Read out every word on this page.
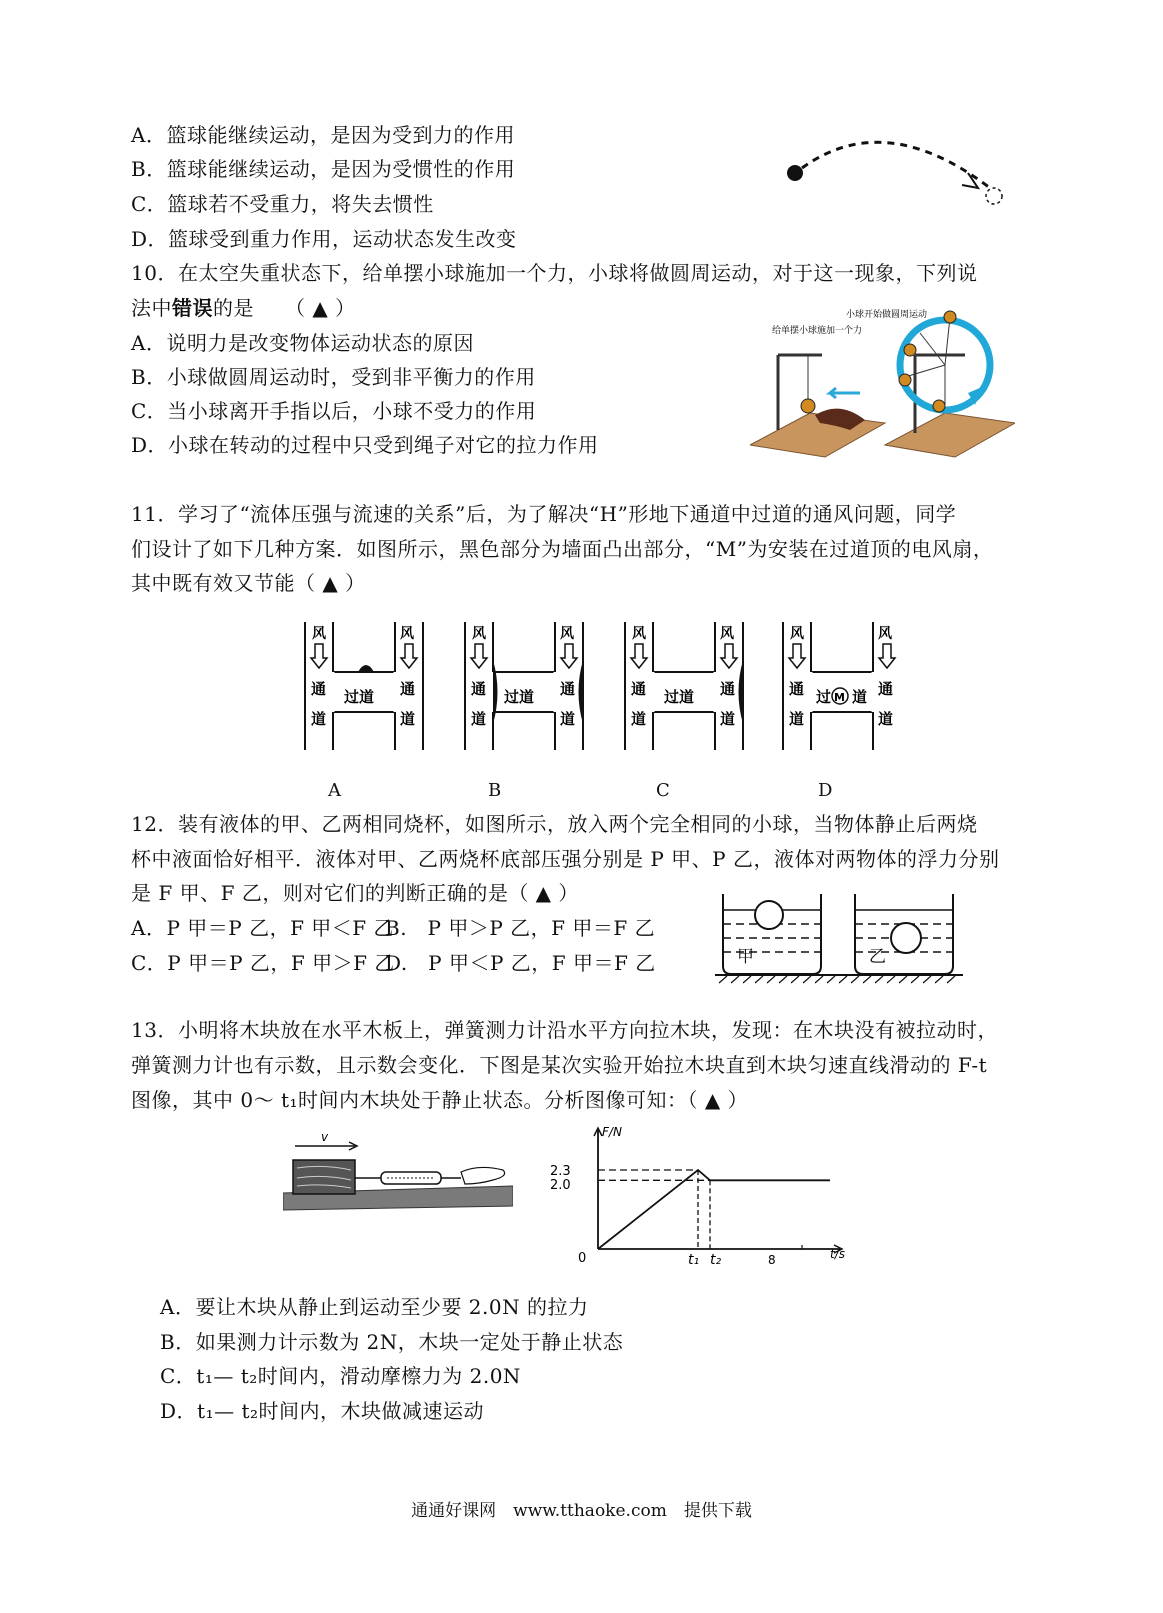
A．篮球能继续运动，是因为受到力的作用
B．篮球能继续运动，是因为受惯性的作用
C．篮球若不受重力，将失去惯性
D．篮球受到重力作用，运动状态发生改变
10．在太空失重状态下，给单摆小球施加一个力，小球将做圆周运动，对于这一现象，下列说
法中错误的是　　（ ▲ ）
A．说明力是改变物体运动状态的原因
B．小球做圆周运动时，受到非平衡力的作用
C．当小球离开手指以后，小球不受力的作用
D．小球在转动的过程中只受到绳子对它的拉力作用
给单摆小球施加一个力
小球开始做圆周运动
11．学习了“流体压强与流速的关系”后，为了解决“H”形地下通道中过道的通风问题，同学
们设计了如下几种方案．如图所示，黑色部分为墙面凸出部分，“M”为安装在过道顶的电风扇，
其中既有效又节能（ ▲ ）
风	风
通
道
通
道
过道
风	风
通
道
通
道
过道
风	风
通
道
通
道
过道
风	风
通
道
通
道
过 M 道
A	B	C	D
12．装有液体的甲、乙两相同烧杯，如图所示，放入两个完全相同的小球，当物体静止后两烧
杯中液面恰好相平．液体对甲、乙两烧杯底部压强分别是 P 甲、P 乙，液体对两物体的浮力分别
是 F 甲、F 乙，则对它们的判断正确的是（ ▲ ）
A．P 甲＝P 乙，F 甲＜F 乙
B.　P 甲＞P 乙，F 甲＝F 乙
C．P 甲＝P 乙，F 甲＞F 乙
D.　P 甲＜P 乙，F 甲＝F 乙	甲	乙
13．小明将木块放在水平木板上，弹簧测力计沿水平方向拉木块，发现：在木块没有被拉动时，
弹簧测力计也有示数，且示数会变化．下图是某次实验开始拉木块直到木块匀速直线滑动的 F-t
图像，其中 0～ t₁时间内木块处于静止状态。分析图像可知：（ ▲ ）
v	F/N
t/s
0
2.3
2.0
t₁ t₂	8
A．要让木块从静止到运动至少要 2.0N 的拉力
B．如果测力计示数为 2N，木块一定处于静止状态
C．t₁— t₂时间内，滑动摩檫力为 2.0N
D．t₁— t₂时间内，木块做减速运动
通通好课网　www.tthaoke.com　提供下载
